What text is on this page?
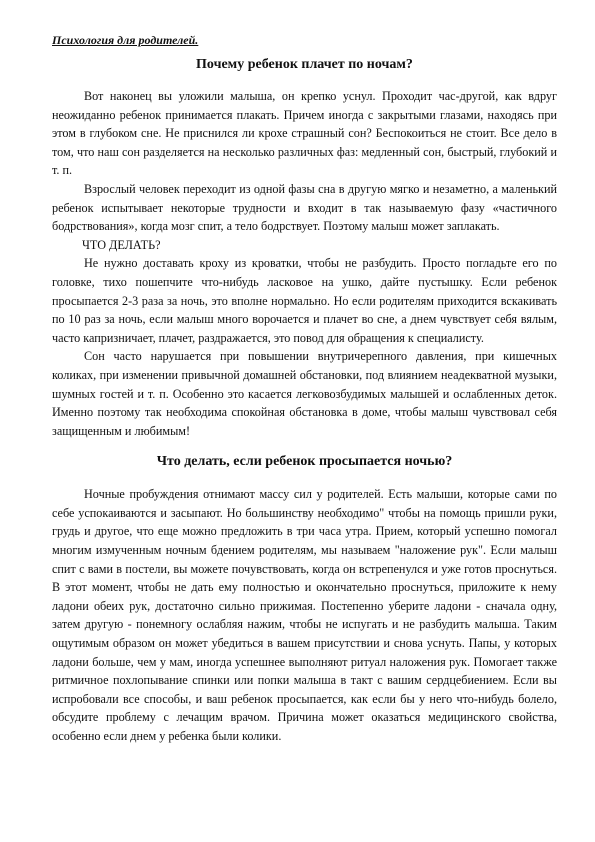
Психология для родителей.
Почему ребенок плачет по ночам?

Вот наконец вы уложили малыша, он крепко уснул. Проходит час-другой, как вдруг неожиданно ребенок принимается плакать. Причем иногда с закрытыми глазами, находясь при этом в глубоком сне. Не приснился ли крохе страшный сон? Беспокоиться не стоит. Все дело в том, что наш сон разделяется на несколько различных фаз: медленный сон, быстрый, глубокий и т. п.

Взрослый человек переходит из одной фазы сна в другую мягко и незаметно, а маленький ребенок испытывает некоторые трудности и входит в так называемую фазу «частичного бодрствования», когда мозг спит, а тело бодрствует. Поэтому малыш может заплакать.

ЧТО ДЕЛАТЬ?

Не нужно доставать кроху из кроватки, чтобы не разбудить. Просто погладьте его по головке, тихо пошепчите что-нибудь ласковое на ушко, дайте пустышку. Если ребенок просыпается 2-3 раза за ночь, это вполне нормально. Но если родителям приходится вскакивать по 10 раз за ночь, если малыш много ворочается и плачет во сне, а днем чувствует себя вялым, часто капризничает, плачет, раздражается, это повод для обращения к специалисту.

Сон часто нарушается при повышении внутричерепного давления, при кишечных коликах, при изменении привычной домашней обстановки, под влиянием неадекватной музыки, шумных гостей и т. п. Особенно это касается легковозбудимых малышей и ослабленных деток. Именно поэтому так необходима спокойная обстановка в доме, чтобы малыш чувствовал себя защищенным и любимым!

Что делать, если ребенок просыпается ночью?

Ночные пробуждения отнимают массу сил у родителей. Есть малыши, которые сами по себе успокаиваются и засыпают. Но большинству необходимо" чтобы на помощь пришли руки, грудь и другое, что еще можно предложить в три часа утра. Прием, который успешно помогал многим измученным ночным бдением родителям, мы называем "наложение рук". Если малыш спит с вами в постели, вы можете почувствовать, когда он встрепенулся и уже готов проснуться. В этот момент, чтобы не дать ему полностью и окончательно проснуться, приложите к нему ладони обеих рук, достаточно сильно прижимая. Постепенно уберите ладони - сначала одну, затем другую - понемногу ослабляя нажим, чтобы не испугать и не разбудить малыша. Таким ощутимым образом он может убедиться в вашем присутствии и снова уснуть. Папы, у которых ладони больше, чем у мам, иногда успешнее выполняют ритуал наложения рук. Помогает также ритмичное похлопывание спинки или попки малыша в такт с вашим сердцебиением. Если вы испробовали все способы, и ваш ребенок просыпается, как если бы у него что-нибудь болело, обсудите проблему с лечащим врачом. Причина может оказаться медицинского свойства, особенно если днем у ребенка были колики.
